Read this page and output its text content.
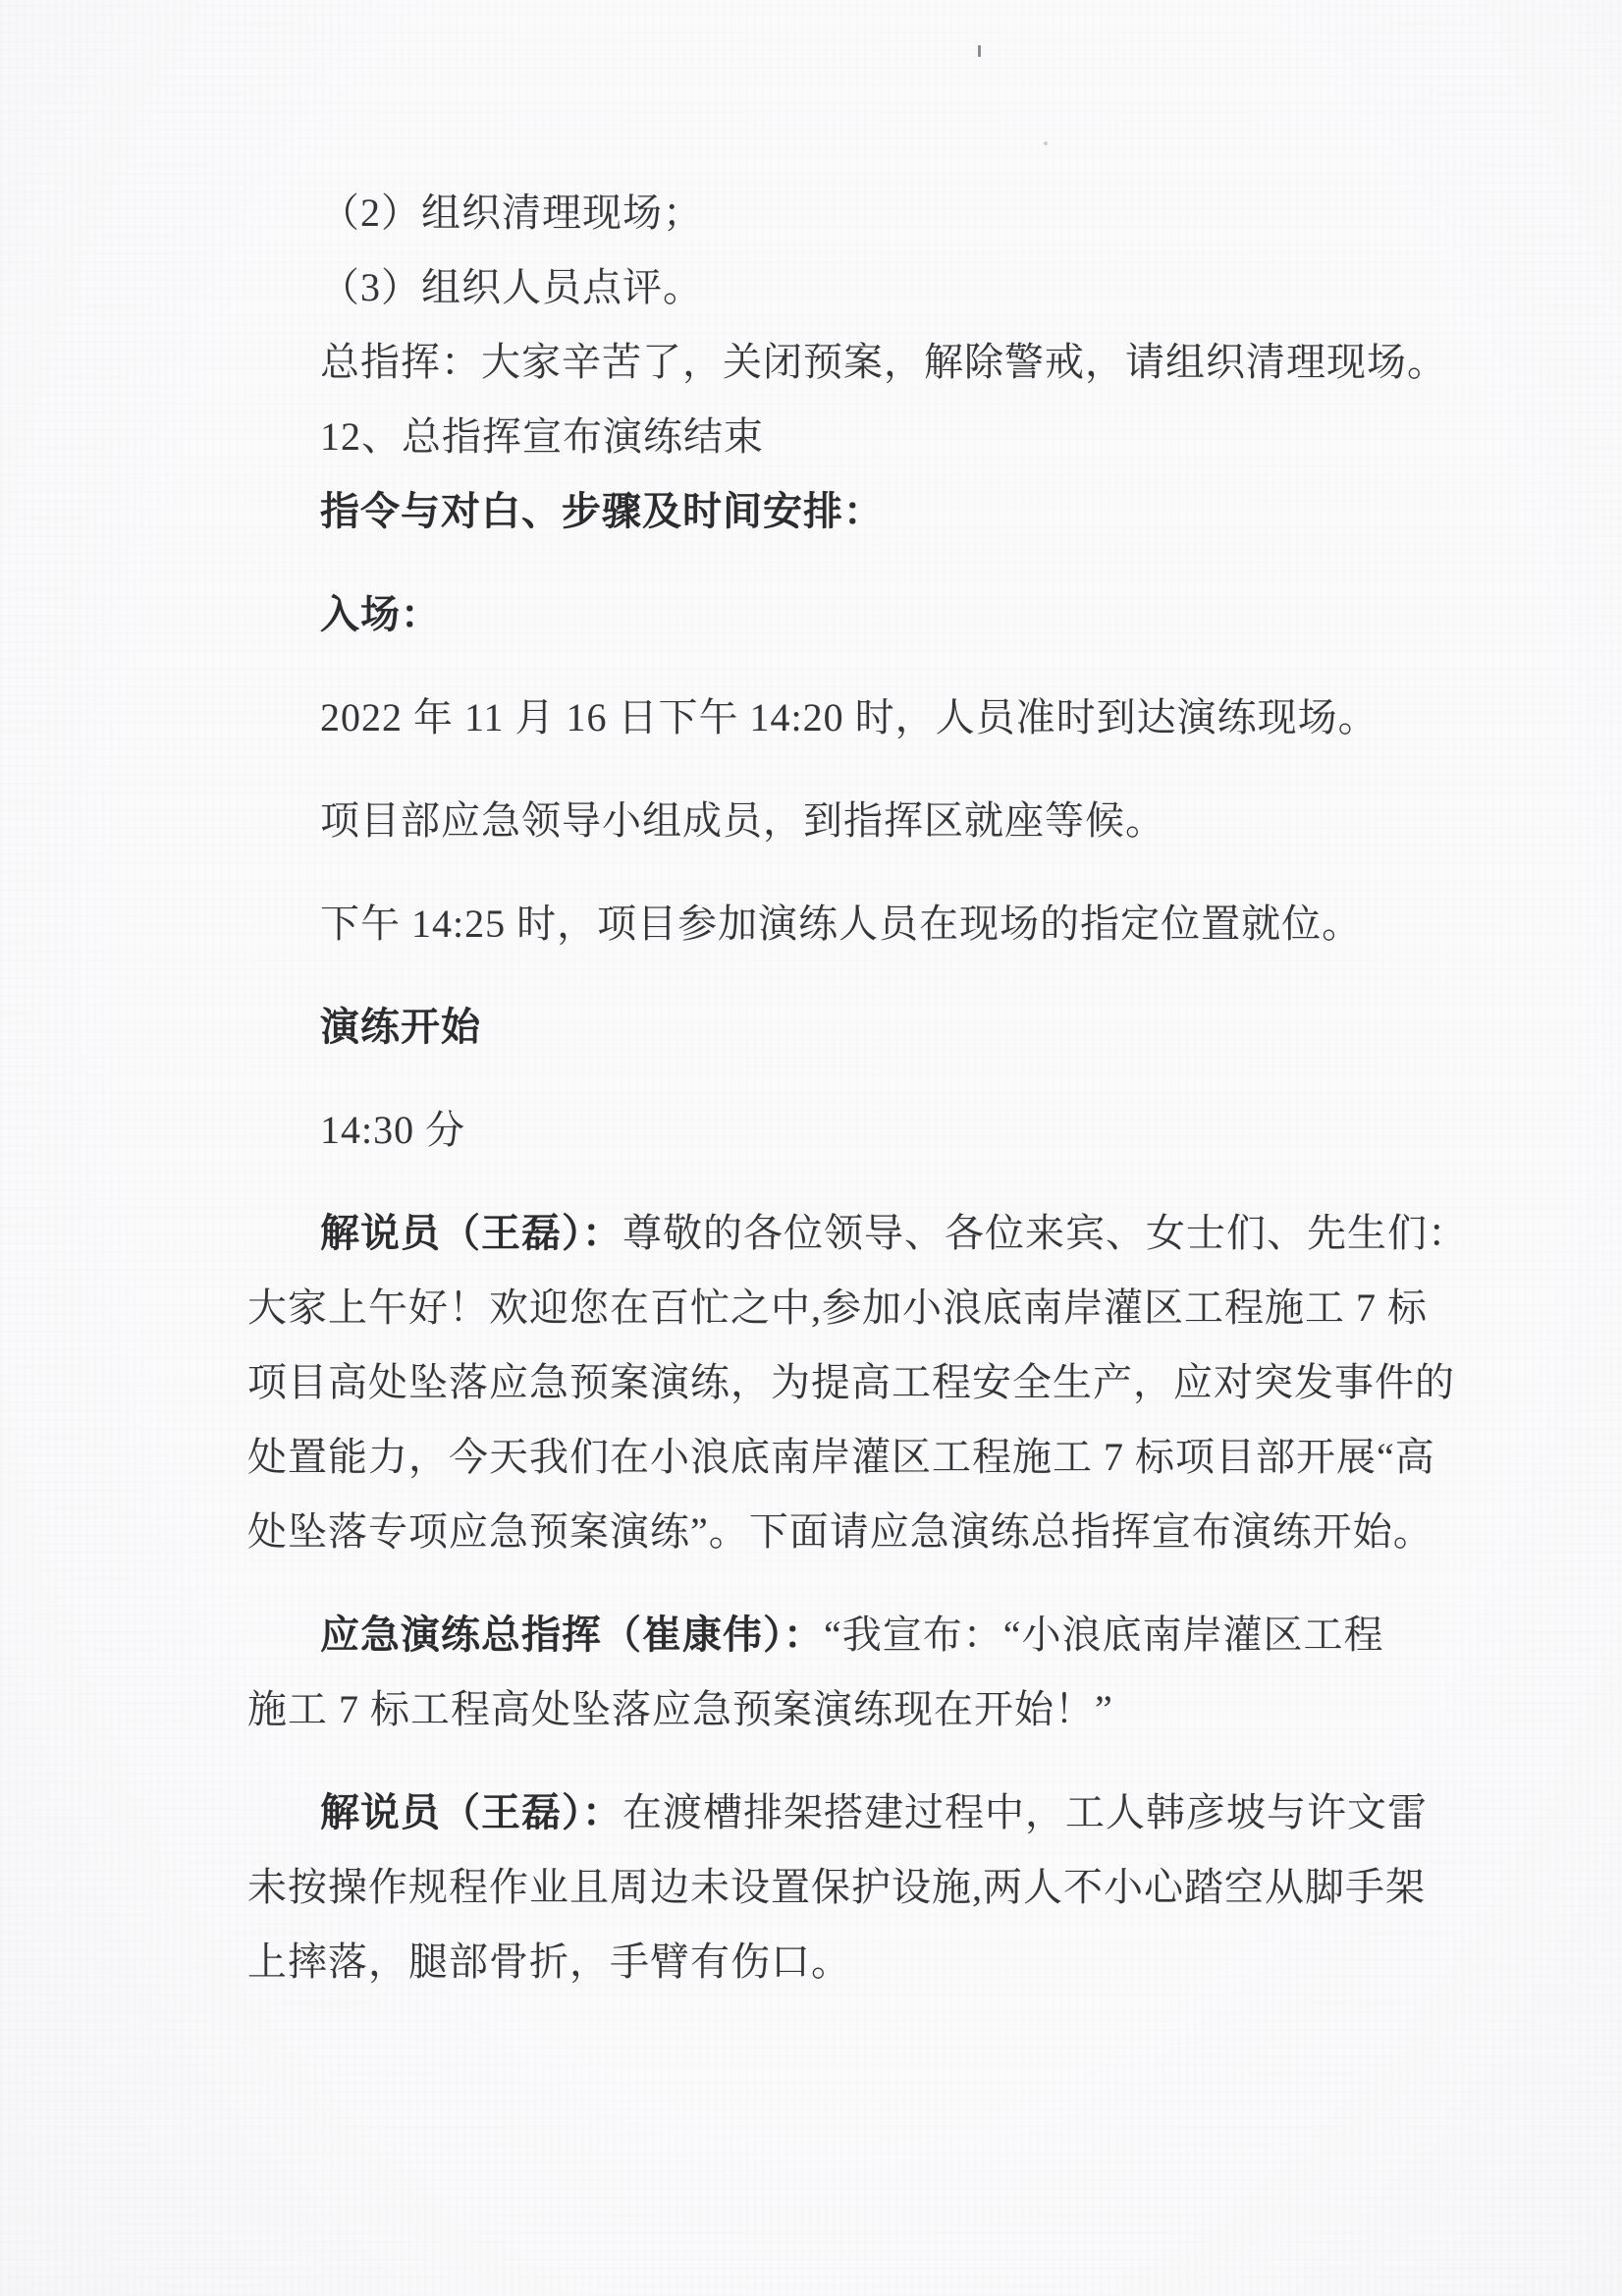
（2）组织清理现场；

（3）组织人员点评。

总指挥：大家辛苦了，关闭预案，解除警戒，请组织清理现场。

12、总指挥宣布演练结束

指令与对白、步骤及时间安排：

入场：

2022 年 11 月 16 日下午 14:20 时，人员准时到达演练现场。

项目部应急领导小组成员，到指挥区就座等候。

下午 14:25 时，项目参加演练人员在现场的指定位置就位。

演练开始

14:30 分

解说员（王磊）：尊敬的各位领导、各位来宾、女士们、先生们：

大家上午好！欢迎您在百忙之中,参加小浪底南岸灌区工程施工 7 标

项目高处坠落应急预案演练，为提高工程安全生产，应对突发事件的

处置能力，今天我们在小浪底南岸灌区工程施工 7 标项目部开展“高

处坠落专项应急预案演练”。下面请应急演练总指挥宣布演练开始。

应急演练总指挥（崔康伟）：“我宣布：“小浪底南岸灌区工程

施工 7 标工程高处坠落应急预案演练现在开始！”

解说员（王磊）：在渡槽排架搭建过程中，工人韩彦坡与许文雷

未按操作规程作业且周边未设置保护设施,两人不小心踏空从脚手架

上摔落，腿部骨折，手臂有伤口。
